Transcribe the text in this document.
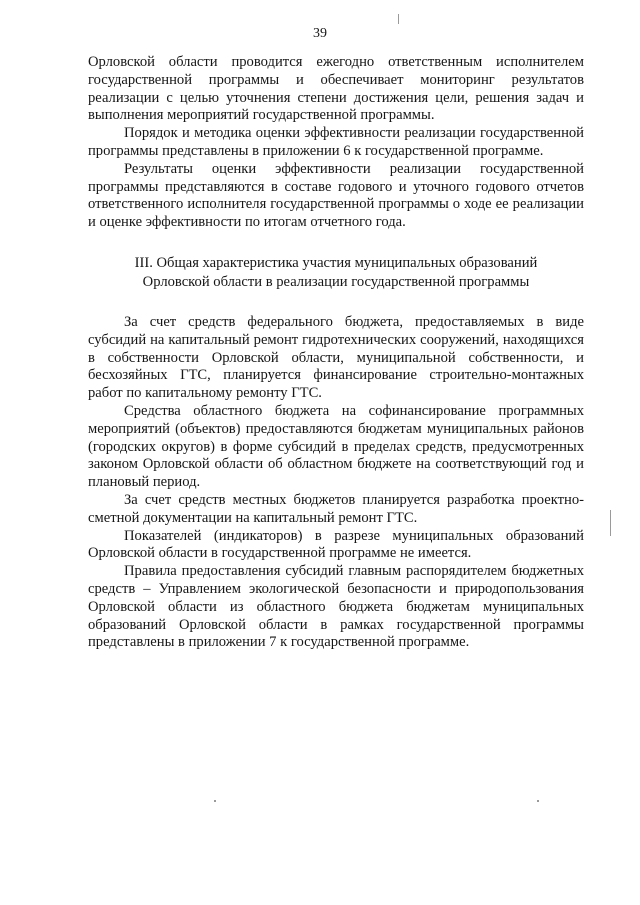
39

Орловской области проводится ежегодно ответственным исполнителем государственной программы и обеспечивает мониторинг результатов реализации с целью уточнения степени достижения цели, решения задач и выполнения мероприятий государственной программы.

Порядок и методика оценки эффективности реализации государственной программы представлены в приложении 6 к государственной программе.

Результаты оценки эффективности реализации государственной программы представляются в составе годового и уточного годового отчетов ответственного исполнителя государственной программы о ходе ее реализации и оценке эффективности по итогам отчетного года.

III. Общая характеристика участия муниципальных образований
Орловской области в реализации государственной программы

За счет средств федерального бюджета, предоставляемых в виде субсидий на капитальный ремонт гидротехнических сооружений, находящихся в собственности Орловской области, муниципальной собственности, и бесхозяйных ГТС, планируется финансирование строительно-монтажных работ по капитальному ремонту ГТС.

Средства областного бюджета на софинансирование программных мероприятий (объектов) предоставляются бюджетам муниципальных районов (городских округов) в форме субсидий в пределах средств, предусмотренных законом Орловской области об областном бюджете на соответствующий год и плановый период.

За счет средств местных бюджетов планируется разработка проектно-сметной документации на капитальный ремонт ГТС.

Показателей (индикаторов) в разрезе муниципальных образований Орловской области в государственной программе не имеется.

Правила предоставления субсидий главным распорядителем бюджетных средств – Управлением экологической безопасности и природопользования Орловской области из областного бюджета бюджетам муниципальных образований Орловской области в рамках государственной программы представлены в приложении 7 к государственной программе.
